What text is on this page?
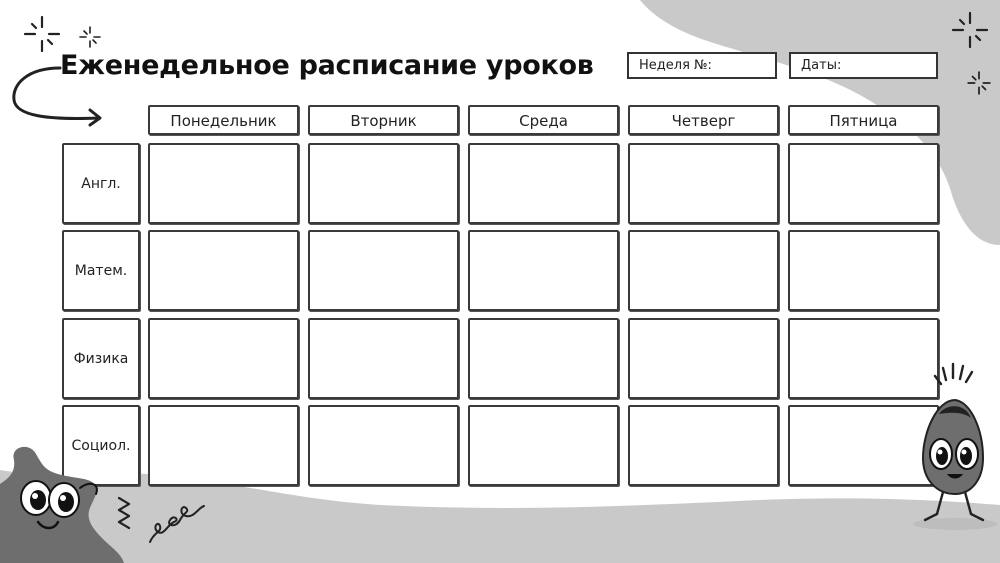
Еженедельное расписание уроков	Неделя №:	Даты:
Понедельник	Вторник	Среда	Четверг	Пятница
Англ.
Матем.
Физика
Социол.
